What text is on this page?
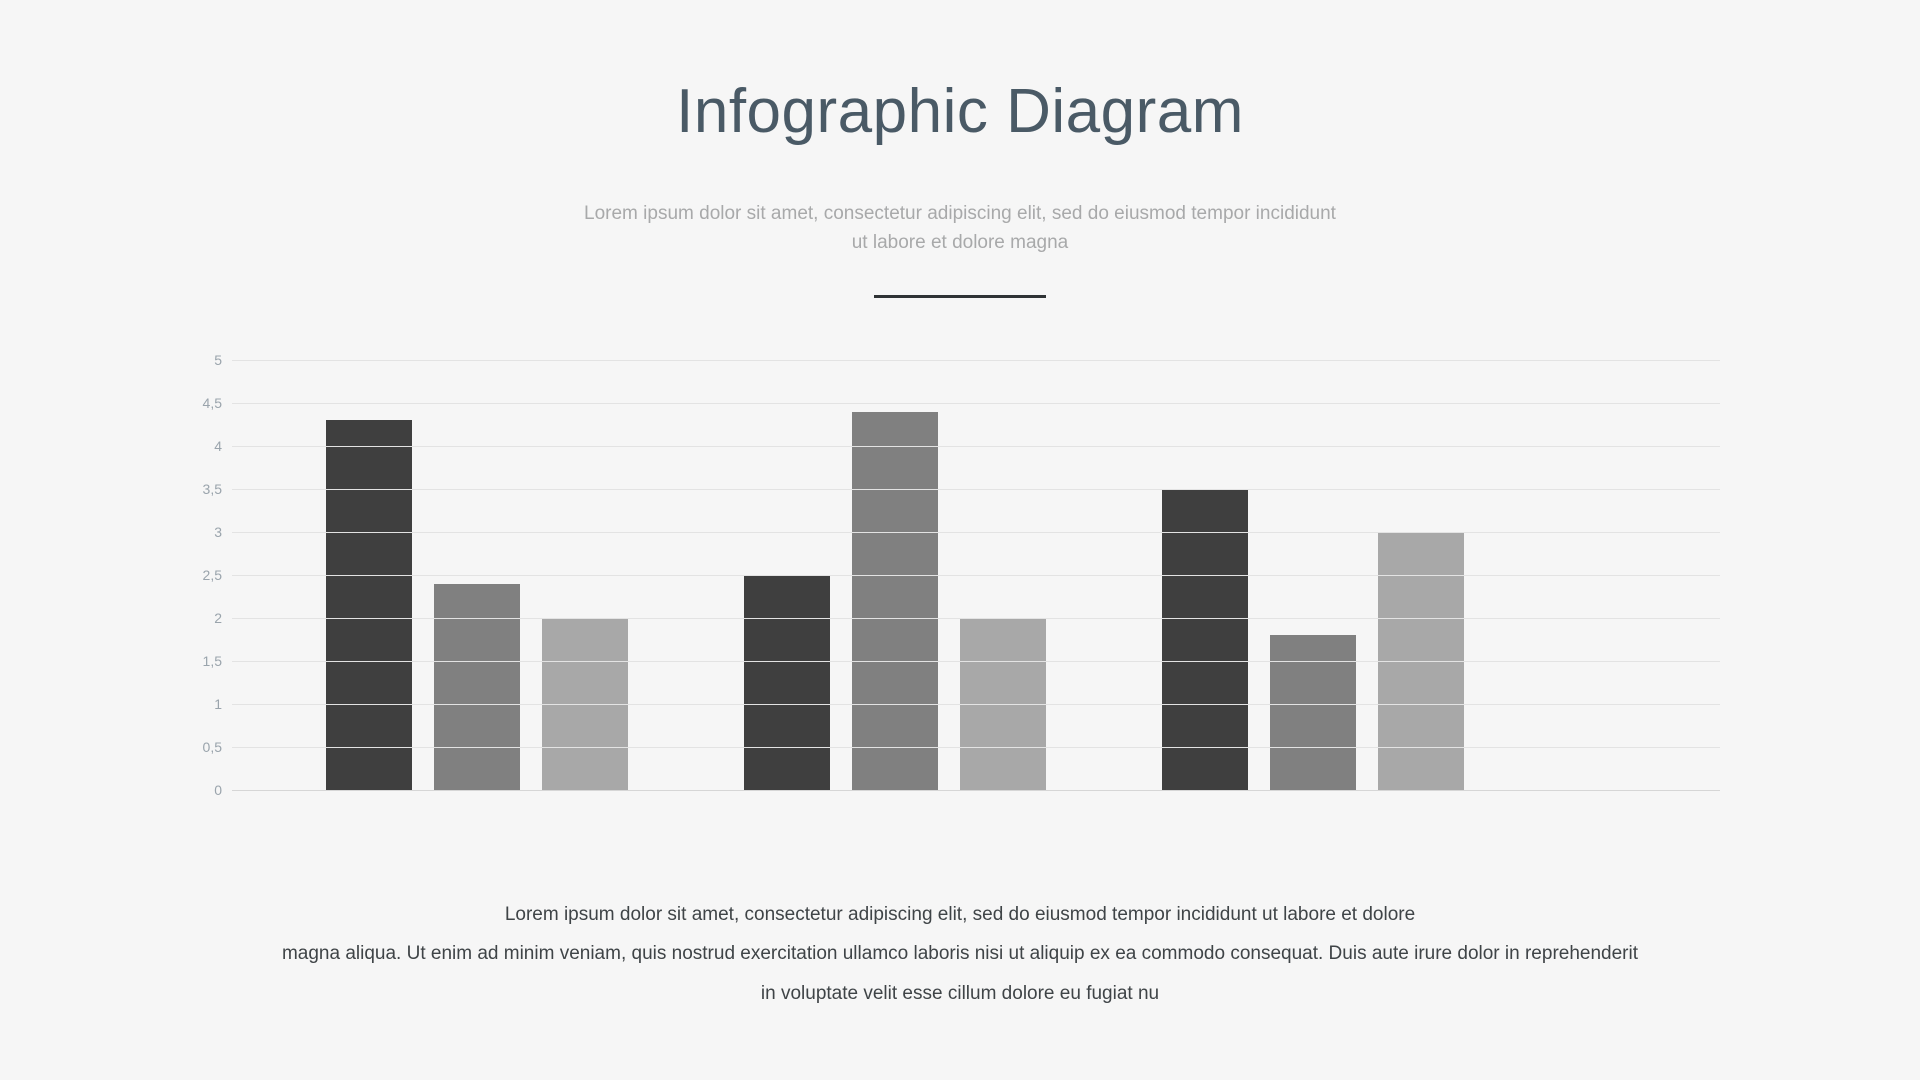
Infographic Diagram
Lorem ipsum dolor sit amet, consectetur adipiscing elit, sed do eiusmod tempor incididunt ut labore et dolore magna
0
0,5
1
1,5
2
2,5
3
3,5
4
4,5
5

Lorem ipsum dolor sit amet, consectetur adipiscing elit, sed do eiusmod tempor incididunt ut labore et dolore

magna aliqua. Ut enim ad minim veniam, quis nostrud exercitation ullamco laboris nisi ut aliquip ex ea commodo consequat. Duis aute irure dolor in reprehenderit

in voluptate velit esse cillum dolore eu fugiat nu
